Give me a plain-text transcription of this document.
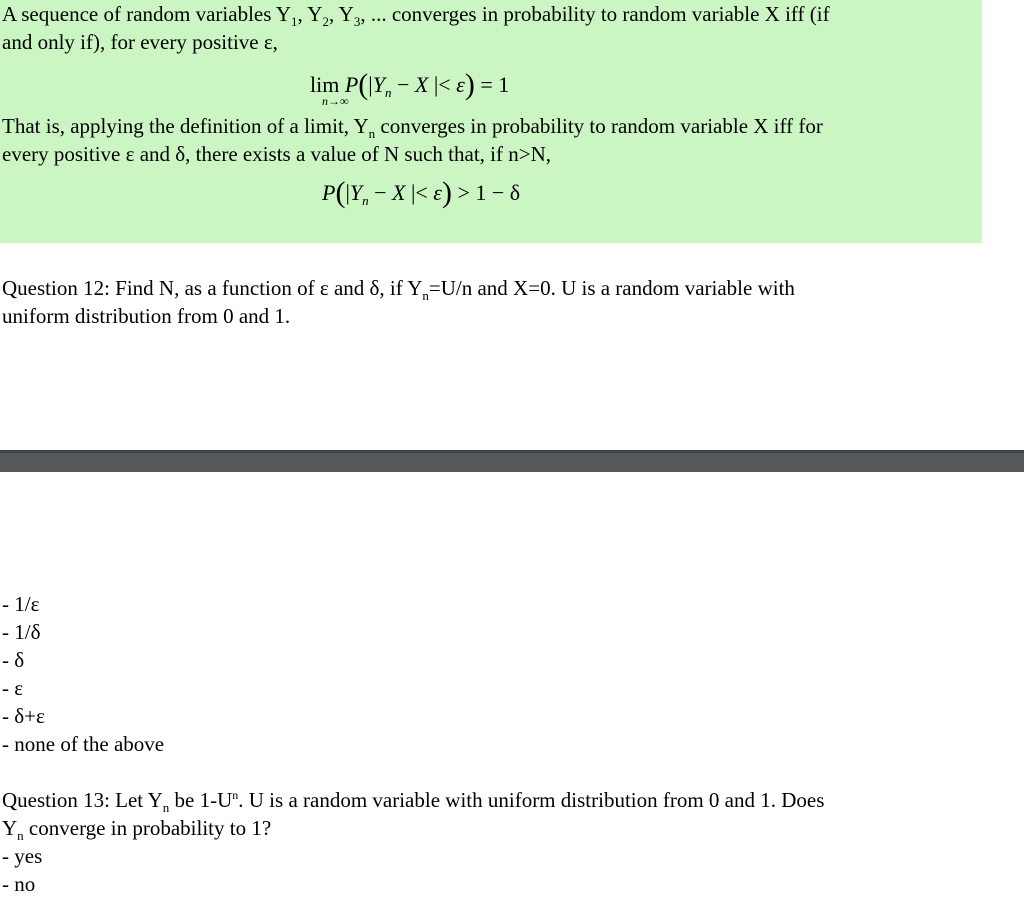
A sequence of random variables $Y_1$, $Y_2$, $Y_3$, ... converges in probability to random variable X iff (if
and only if), for every positive ε,
$\lim P(|Y_n - X$ |< ε) = 1
n→∞
That is, applying the definition of a limit, $Y_n$ converges in probability to random variable X iff for
every positive ε and δ, there exists a value of N such that, if n>N,
$P(|Y_n - X$ |< ε) > 1 − δ
Question 12: Find N, as a function of ε and δ, if $Y_n=U/n$ and X=0. U is a random variable with
uniform distribution from 0 and 1.
- 1/ε
- 1/δ
- δ
- ε
- δ+ε
- none of the above
Question 13: Let $Y_n$ be $1-U^n$. U is a random variable with uniform distribution from 0 and 1. Does
$Y_n$ converge in probability to 1?
- yes
- no
